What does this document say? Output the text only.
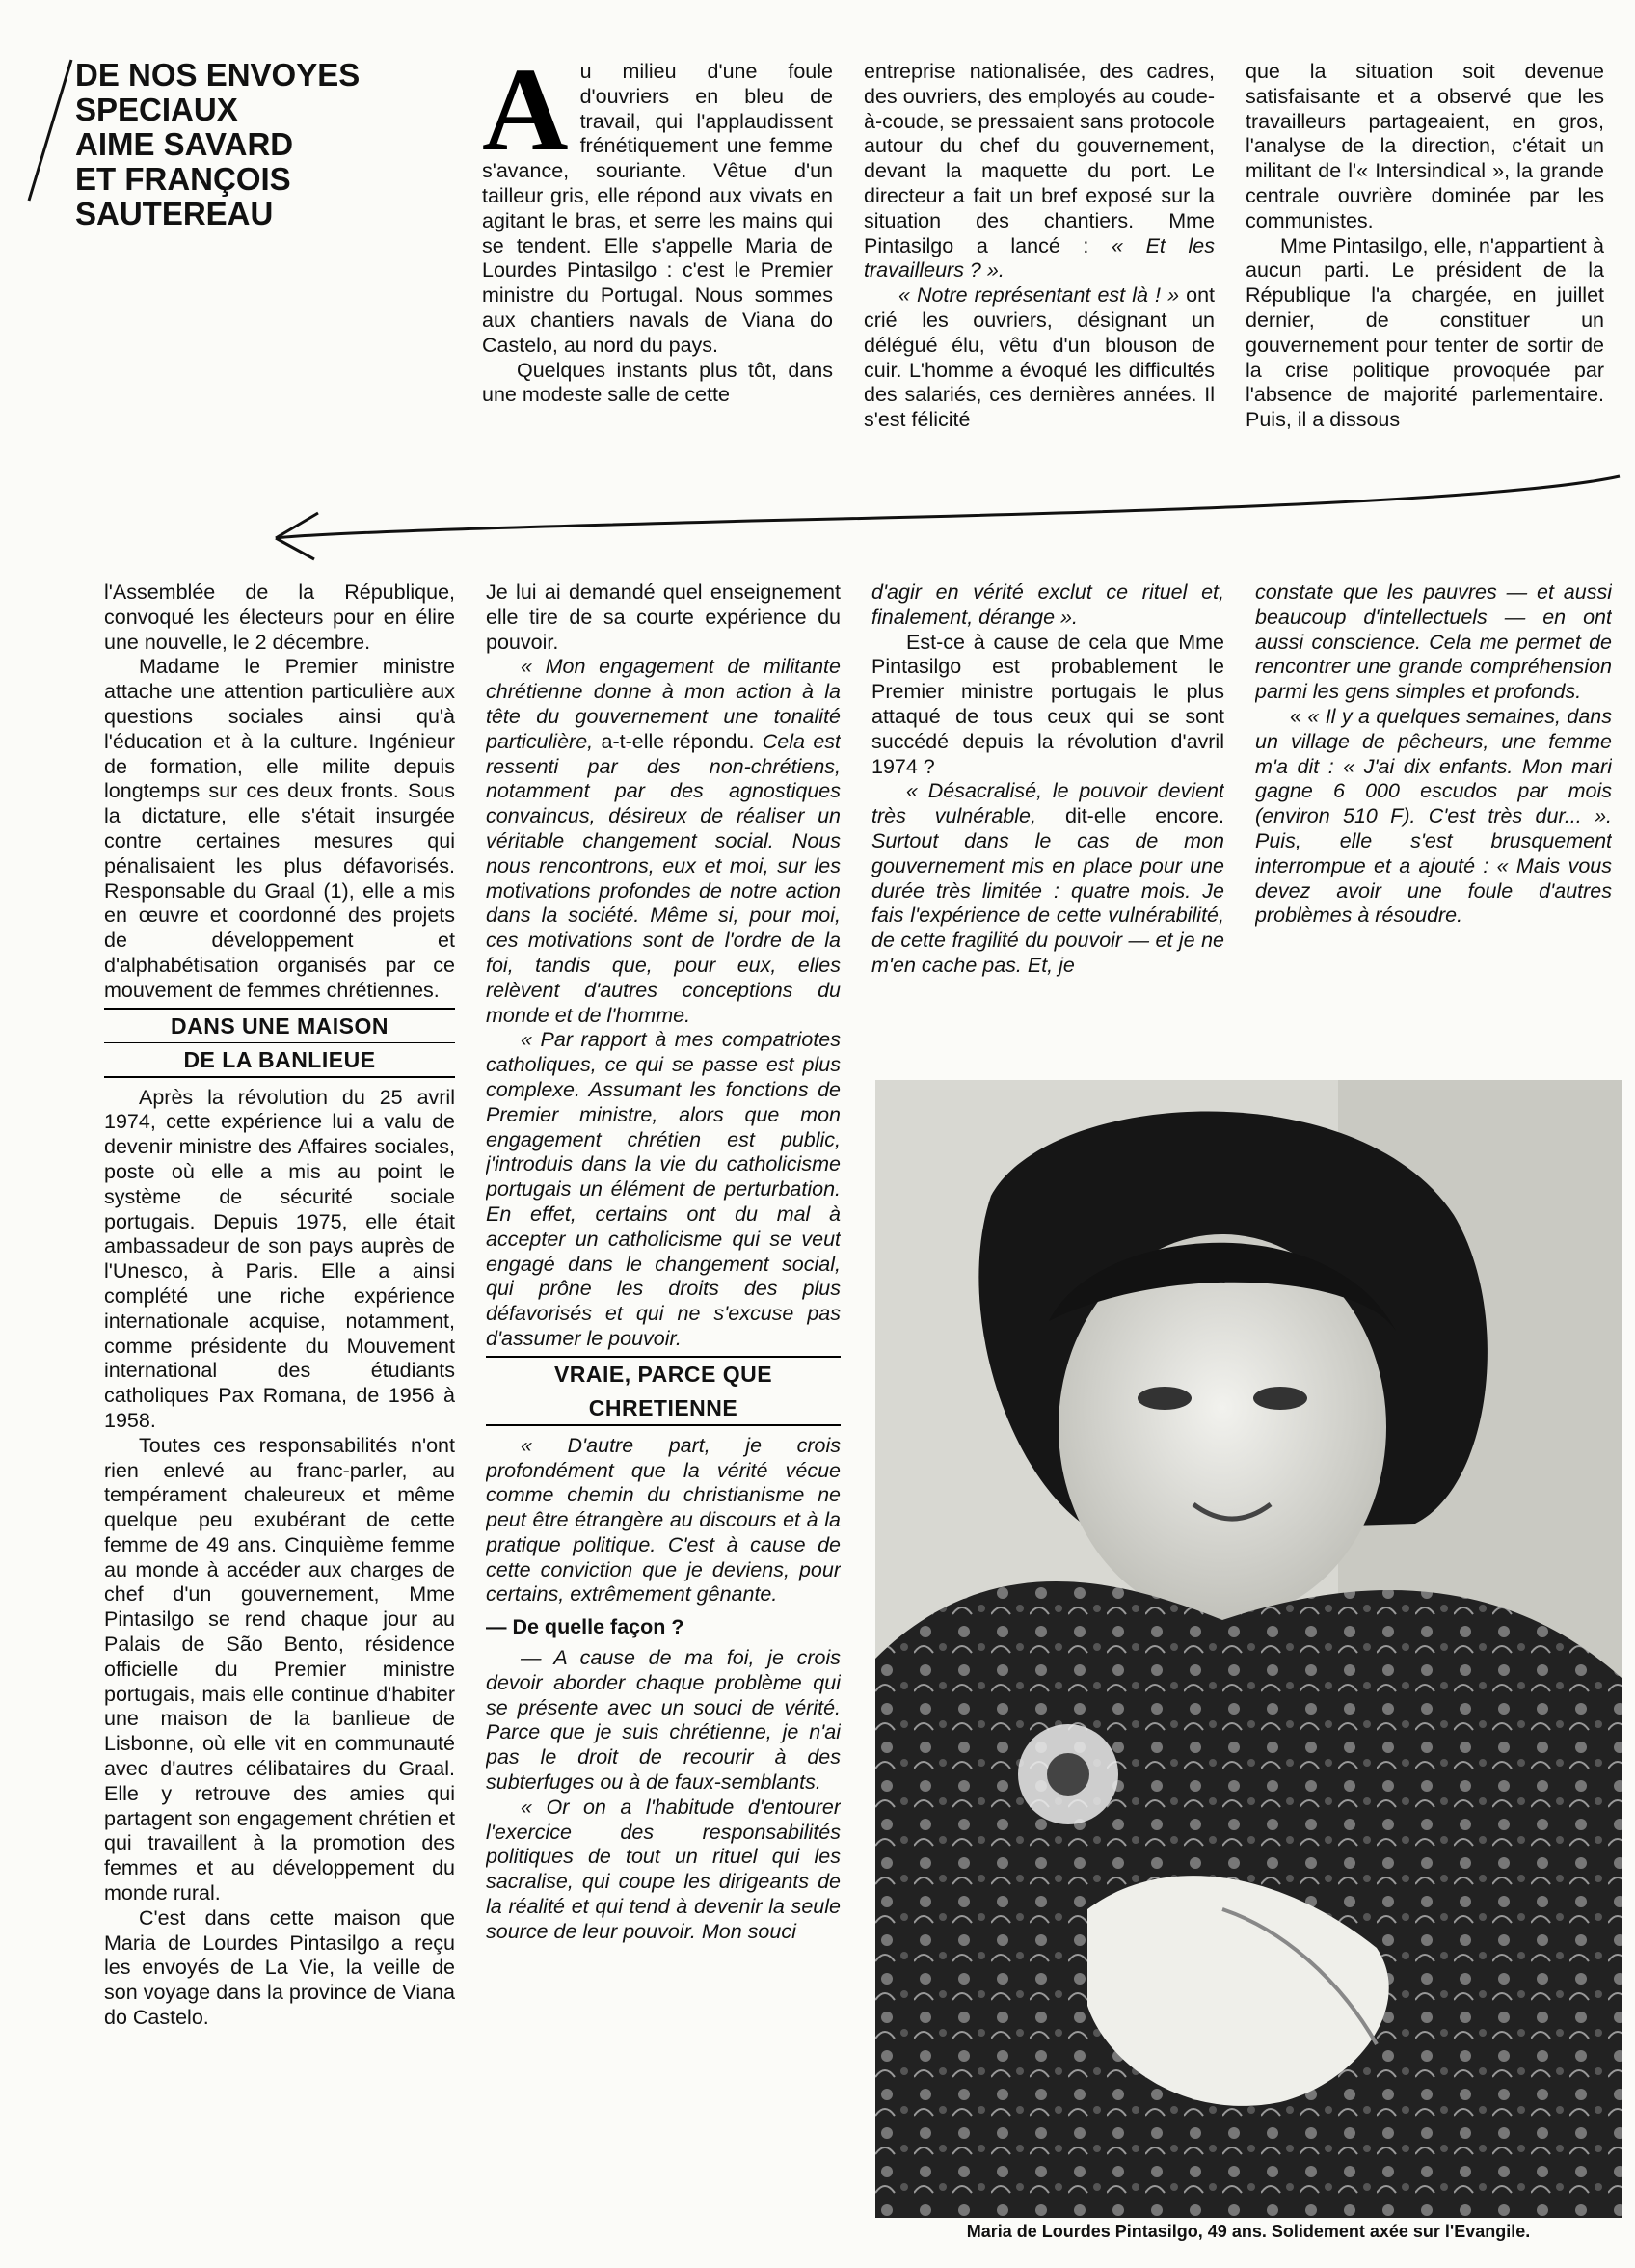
DE NOS ENVOYES
SPECIAUX
AIME SAVARD
ET FRANÇOIS
SAUTEREAU

Au milieu d'une foule d'ouvriers en bleu de travail, qui l'applaudissent frénétiquement une femme s'avance, souriante. Vêtue d'un tailleur gris, elle répond aux vivats en agitant le bras, et serre les mains qui se tendent. Elle s'appelle Maria de Lourdes Pintasilgo : c'est le Premier ministre du Portugal. Nous sommes aux chantiers navals de Viana do Castelo, au nord du pays.

Quelques instants plus tôt, dans une modeste salle de cette

entreprise nationalisée, des cadres, des ouvriers, des employés au coude-à-coude, se pressaient sans protocole autour du chef du gouvernement, devant la maquette du port. Le directeur a fait un bref exposé sur la situation des chantiers. Mme Pintasilgo a lancé : « Et les travailleurs ? ».

« Notre représentant est là ! » ont crié les ouvriers, désignant un délégué élu, vêtu d'un blouson de cuir. L'homme a évoqué les difficultés des salariés, ces dernières années. Il s'est félicité

que la situation soit devenue satisfaisante et a observé que les travailleurs partageaient, en gros, l'analyse de la direction, c'était un militant de l'« Intersindical », la grande centrale ouvrière dominée par les communistes.

Mme Pintasilgo, elle, n'appartient à aucun parti. Le président de la République l'a chargée, en juillet dernier, de constituer un gouvernement pour tenter de sortir de la crise politique provoquée par l'absence de majorité parlementaire. Puis, il a dissous

l'Assemblée de la République, convoqué les électeurs pour en élire une nouvelle, le 2 décembre.

Madame le Premier ministre attache une attention particulière aux questions sociales ainsi qu'à l'éducation et à la culture. Ingénieur de formation, elle milite depuis longtemps sur ces deux fronts. Sous la dictature, elle s'était insurgée contre certaines mesures qui pénalisaient les plus défavorisés. Responsable du Graal (1), elle a mis en œuvre et coordonné des projets de développement et d'alphabétisation organisés par ce mouvement de femmes chrétiennes.

DANS UNE MAISON
DE LA BANLIEUE

Après la révolution du 25 avril 1974, cette expérience lui a valu de devenir ministre des Affaires sociales, poste où elle a mis au point le système de sécurité sociale portugais. Depuis 1975, elle était ambassadeur de son pays auprès de l'Unesco, à Paris. Elle a ainsi complété une riche expérience internationale acquise, notamment, comme présidente du Mouvement international des étudiants catholiques Pax Romana, de 1956 à 1958.

Toutes ces responsabilités n'ont rien enlevé au franc-parler, au tempérament chaleureux et même quelque peu exubérant de cette femme de 49 ans. Cinquième femme au monde à accéder aux charges de chef d'un gouvernement, Mme Pintasilgo se rend chaque jour au Palais de São Bento, résidence officielle du Premier ministre portugais, mais elle continue d'habiter une maison de la banlieue de Lisbonne, où elle vit en communauté avec d'autres célibataires du Graal. Elle y retrouve des amies qui partagent son engagement chrétien et qui travaillent à la promotion des femmes et au développement du monde rural.

C'est dans cette maison que Maria de Lourdes Pintasilgo a reçu les envoyés de La Vie, la veille de son voyage dans la province de Viana do Castelo.

Je lui ai demandé quel enseignement elle tire de sa courte expérience du pouvoir.

« Mon engagement de militante chrétienne donne à mon action à la tête du gouvernement une tonalité particulière, a-t-elle répondu. Cela est ressenti par des non-chrétiens, notamment par des agnostiques convaincus, désireux de réaliser un véritable changement social. Nous nous rencontrons, eux et moi, sur les motivations profondes de notre action dans la société. Même si, pour moi, ces motivations sont de l'ordre de la foi, tandis que, pour eux, elles relèvent d'autres conceptions du monde et de l'homme.

« Par rapport à mes compatriotes catholiques, ce qui se passe est plus complexe. Assumant les fonctions de Premier ministre, alors que mon engagement chrétien est public, j'introduis dans la vie du catholicisme portugais un élément de perturbation. En effet, certains ont du mal à accepter un catholicisme qui se veut engagé dans le changement social, qui prône les droits des plus défavorisés et qui ne s'excuse pas d'assumer le pouvoir.

VRAIE, PARCE QUE
CHRETIENNE

« D'autre part, je crois profondément que la vérité vécue comme chemin du christianisme ne peut être étrangère au discours et à la pratique politique. C'est à cause de cette conviction que je deviens, pour certains, extrêmement gênante.

— De quelle façon ?

— A cause de ma foi, je crois devoir aborder chaque problème qui se présente avec un souci de vérité. Parce que je suis chrétienne, je n'ai pas le droit de recourir à des subterfuges ou à de faux-semblants.

« Or on a l'habitude d'entourer l'exercice des responsabilités politiques de tout un rituel qui les sacralise, qui coupe les dirigeants de la réalité et qui tend à devenir la seule source de leur pouvoir. Mon souci

d'agir en vérité exclut ce rituel et, finalement, dérange ».

Est-ce à cause de cela que Mme Pintasilgo est probablement le Premier ministre portugais le plus attaqué de tous ceux qui se sont succédé depuis la révolution d'avril 1974 ?

« Désacralisé, le pouvoir devient très vulnérable, dit-elle encore. Surtout dans le cas de mon gouvernement mis en place pour une durée très limitée : quatre mois. Je fais l'expérience de cette vulnérabilité, de cette fragilité du pouvoir — et je ne m'en cache pas. Et, je

constate que les pauvres — et aussi beaucoup d'intellectuels — en ont aussi conscience. Cela me permet de rencontrer une grande compréhension parmi les gens simples et profonds.

« « Il y a quelques semaines, dans un village de pêcheurs, une femme m'a dit : « J'ai dix enfants. Mon mari gagne 6 000 escudos par mois (environ 510 F). C'est très dur... ». Puis, elle s'est brusquement interrompue et a ajouté : « Mais vous devez avoir une foule d'autres problèmes à résoudre.

Maria de Lourdes Pintasilgo, 49 ans. Solidement axée sur l'Evangile.
